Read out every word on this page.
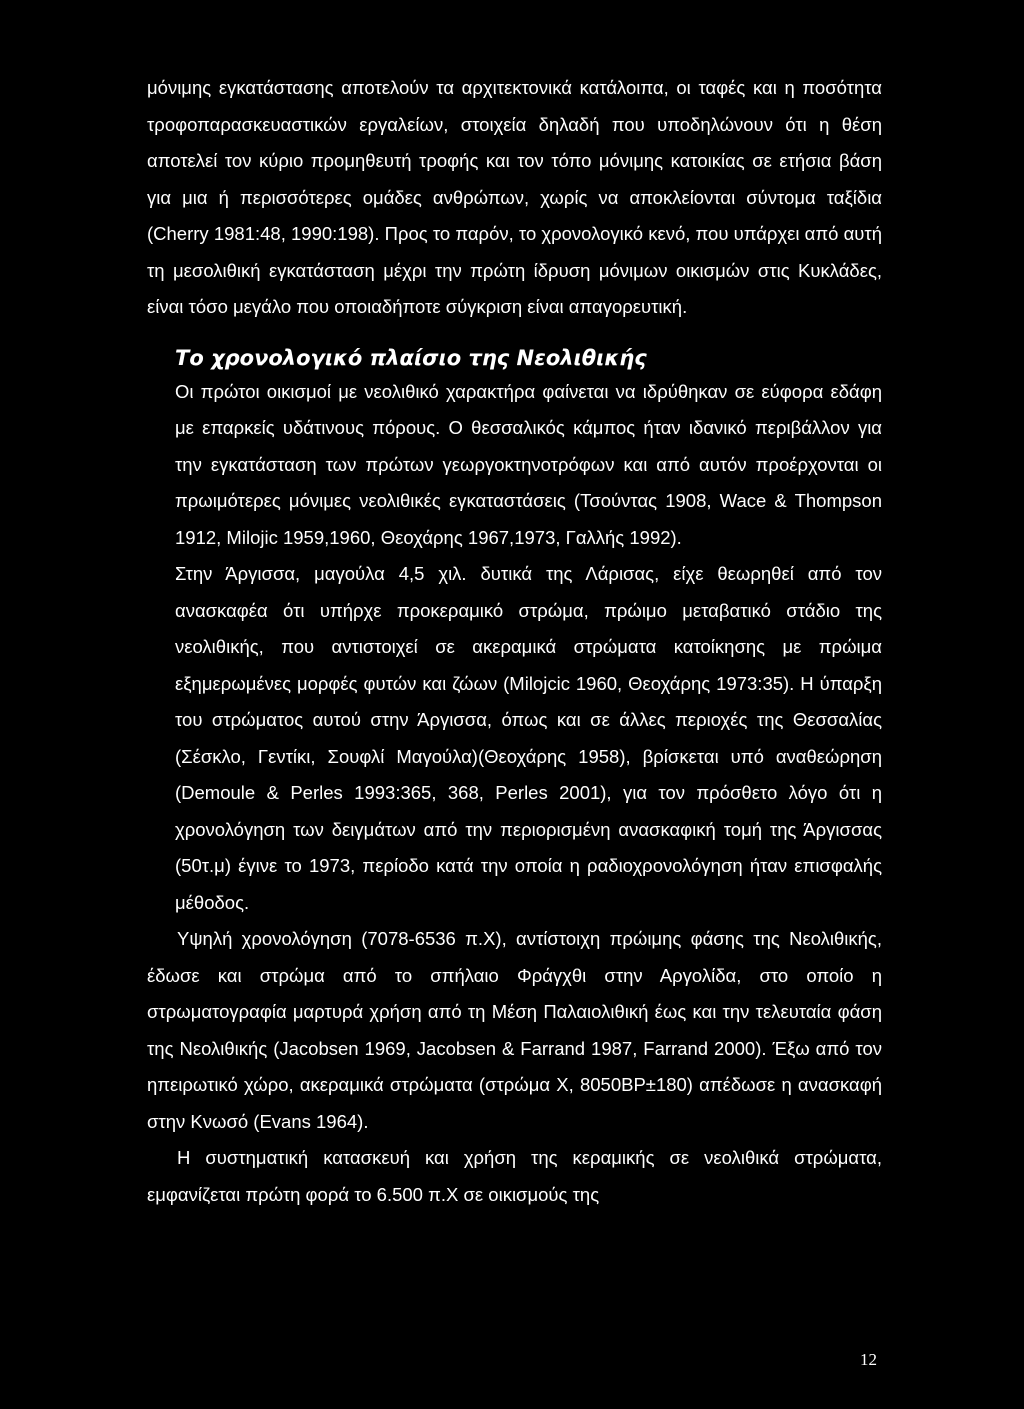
μόνιμης εγκατάστασης αποτελούν τα αρχιτεκτονικά κατάλοιπα, οι ταφές και η ποσότητα τροφοπαρασκευαστικών εργαλείων, στοιχεία δηλαδή που υποδηλώνουν ότι η θέση αποτελεί τον κύριο προμηθευτή τροφής και τον τόπο μόνιμης κατοικίας σε ετήσια βάση για μια ή περισσότερες ομάδες ανθρώπων, χωρίς να αποκλείονται σύντομα ταξίδια (Cherry 1981:48, 1990:198). Προς το παρόν, το χρονολογικό κενό, που υπάρχει από αυτή τη μεσολιθική εγκατάσταση μέχρι την πρώτη ίδρυση μόνιμων οικισμών στις Κυκλάδες, είναι τόσο μεγάλο που οποιαδήποτε σύγκριση είναι απαγορευτική.

Το χρονολογικό πλαίσιο της Νεολιθικής

Οι πρώτοι οικισμοί με νεολιθικό χαρακτήρα φαίνεται να ιδρύθηκαν σε εύφορα εδάφη με επαρκείς υδάτινους πόρους. Ο θεσσαλικός κάμπος ήταν ιδανικό περιβάλλον για την εγκατάσταση των πρώτων γεωργοκτηνοτρόφων και από αυτόν προέρχονται οι πρωιμότερες μόνιμες νεολιθικές εγκαταστάσεις (Τσούντας 1908, Wace & Thompson 1912, Milojic 1959,1960, Θεοχάρης 1967,1973, Γαλλής 1992).

Στην Άργισσα, μαγούλα 4,5 χιλ. δυτικά της Λάρισας, είχε θεωρηθεί από τον ανασκαφέα ότι υπήρχε προκεραμικό στρώμα, πρώιμο μεταβατικό στάδιο της νεολιθικής, που αντιστοιχεί σε ακεραμικά στρώματα κατοίκησης με πρώιμα εξημερωμένες μορφές φυτών και ζώων (Milojcic 1960, Θεοχάρης 1973:35). Η ύπαρξη του στρώματος αυτού στην Άργισσα, όπως και σε άλλες περιοχές της Θεσσαλίας (Σέσκλο, Γεντίκι, Σουφλί Μαγούλα)(Θεοχάρης 1958), βρίσκεται υπό αναθεώρηση (Demoule & Perles 1993:365, 368, Perles 2001), για τον πρόσθετο λόγο ότι η χρονολόγηση των δειγμάτων από την περιορισμένη ανασκαφική τομή της Άργισσας (50τ.μ) έγινε το 1973, περίοδο κατά την οποία η ραδιοχρονολόγηση ήταν επισφαλής μέθοδος.

Υψηλή χρονολόγηση (7078-6536 π.Χ), αντίστοιχη πρώιμης φάσης της Νεολιθικής, έδωσε και στρώμα από το σπήλαιο Φράγχθι στην Αργολίδα, στο οποίο η στρωματογραφία μαρτυρά χρήση από τη Μέση Παλαιολιθική έως και την τελευταία φάση της Νεολιθικής (Jacobsen 1969, Jacobsen & Farrand 1987, Farrand 2000). Έξω από τον ηπειρωτικό χώρο, ακεραμικά στρώματα (στρώμα Χ, 8050ΒΡ±180) απέδωσε η ανασκαφή στην Κνωσό (Evans 1964).

Η συστηματική κατασκευή και χρήση της κεραμικής σε νεολιθικά στρώματα, εμφανίζεται πρώτη φορά το 6.500 π.Χ σε οικισμούς της

12
